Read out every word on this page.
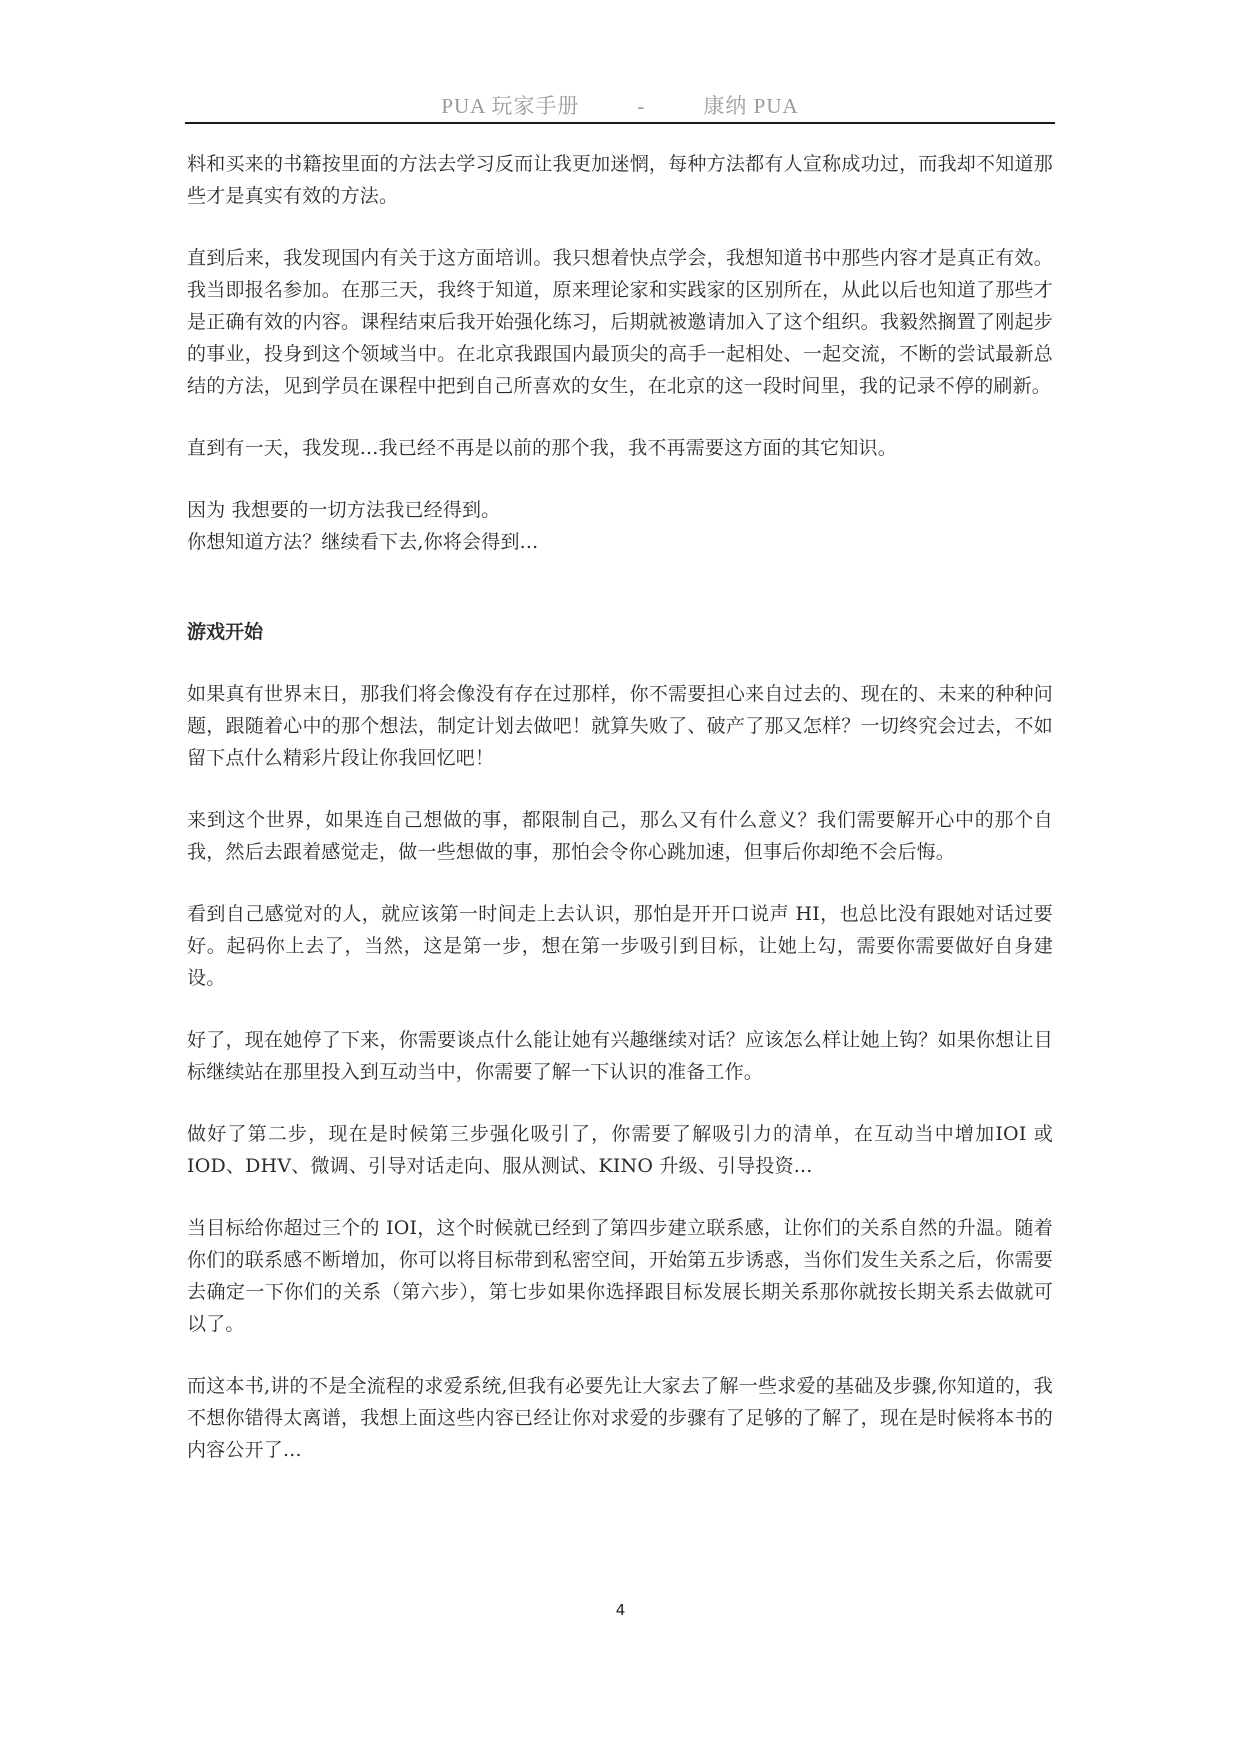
PUA 玩家手册	-	康纳 PUA
料和买来的书籍按里面的方法去学习反而让我更加迷惘，每种方法都有人宣称成功过，而我却不知道那些才是真实有效的方法。
直到后来，我发现国内有关于这方面培训。我只想着快点学会，我想知道书中那些内容才是真正有效。我当即报名参加。在那三天，我终于知道，原来理论家和实践家的区别所在，从此以后也知道了那些才是正确有效的内容。课程结束后我开始强化练习，后期就被邀请加入了这个组织。我毅然搁置了刚起步的事业，投身到这个领域当中。在北京我跟国内最顶尖的高手一起相处、一起交流，不断的尝试最新总结的方法，见到学员在课程中把到自己所喜欢的女生，在北京的这一段时间里，我的记录不停的刷新。
直到有一天，我发现...我已经不再是以前的那个我，我不再需要这方面的其它知识。
因为 我想要的一切方法我已经得到。
你想知道方法？继续看下去,你将会得到...
游戏开始
如果真有世界末日，那我们将会像没有存在过那样，你不需要担心来自过去的、现在的、未来的种种问题，跟随着心中的那个想法，制定计划去做吧！就算失败了、破产了那又怎样？一切终究会过去，不如留下点什么精彩片段让你我回忆吧！
来到这个世界，如果连自己想做的事，都限制自己，那么又有什么意义？我们需要解开心中的那个自我，然后去跟着感觉走，做一些想做的事，那怕会令你心跳加速，但事后你却绝不会后悔。
看到自己感觉对的人，就应该第一时间走上去认识，那怕是开开口说声 HI，也总比没有跟她对话过要好。起码你上去了，当然，这是第一步，想在第一步吸引到目标，让她上勾，需要你需要做好自身建设。
好了，现在她停了下来，你需要谈点什么能让她有兴趣继续对话？应该怎么样让她上钩？如果你想让目标继续站在那里投入到互动当中，你需要了解一下认识的准备工作。
做好了第二步，现在是时候第三步强化吸引了，你需要了解吸引力的清单，在互动当中增加IOI 或 IOD、DHV、微调、引导对话走向、服从测试、KINO 升级、引导投资...
当目标给你超过三个的 IOI，这个时候就已经到了第四步建立联系感，让你们的关系自然的升温。随着你们的联系感不断增加，你可以将目标带到私密空间，开始第五步诱惑，当你们发生关系之后，你需要去确定一下你们的关系（第六步），第七步如果你选择跟目标发展长期关系那你就按长期关系去做就可以了。
而这本书,讲的不是全流程的求爱系统,但我有必要先让大家去了解一些求爱的基础及步骤,你知道的，我不想你错得太离谱，我想上面这些内容已经让你对求爱的步骤有了足够的了解了，现在是时候将本书的内容公开了...
4
